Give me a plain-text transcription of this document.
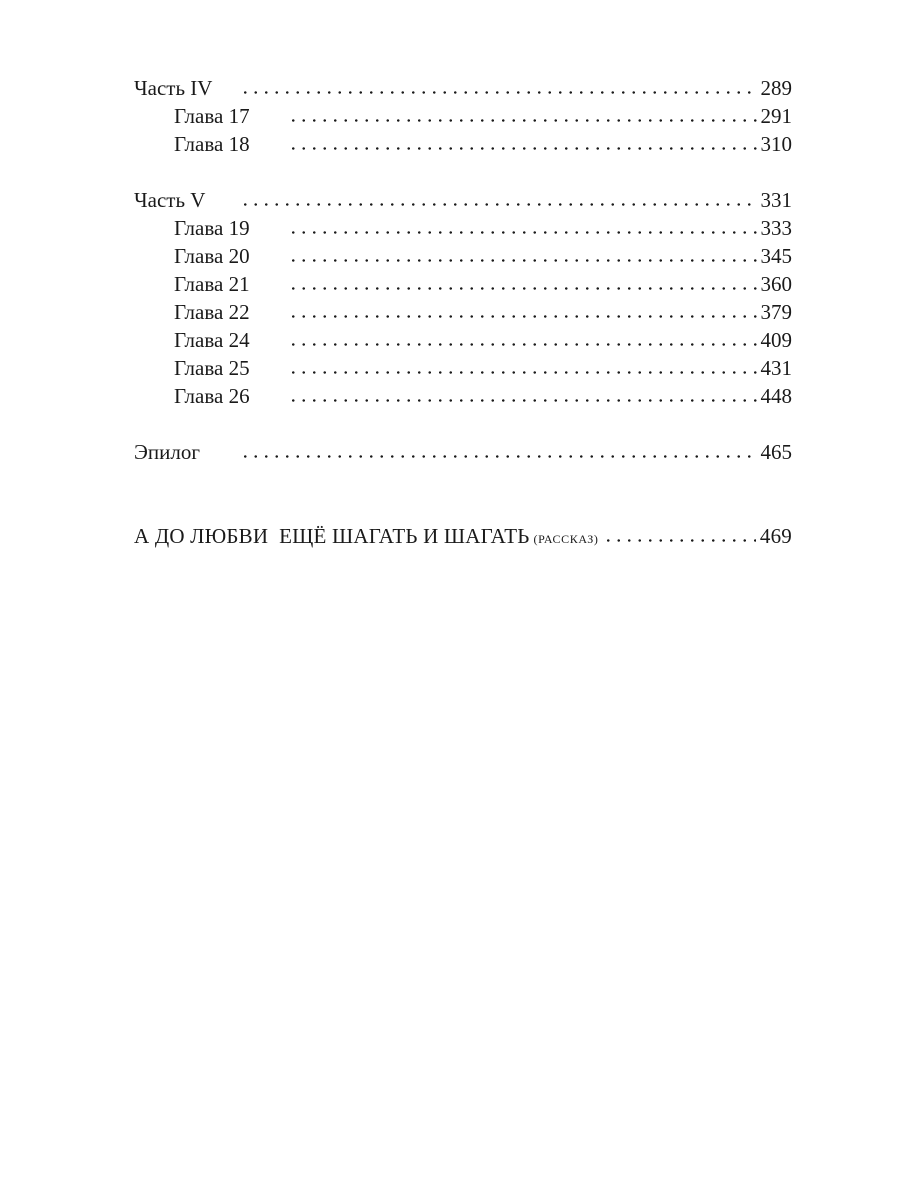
Часть IV	289
Глава 17	291
Глава 18	310
Часть V	331
Глава 19	333
Глава 20	345
Глава 21	360
Глава 22	379
Глава 24	409
Глава 25	431
Глава 26	448
Эпилог	465
А ДО ЛЮБВИ  ЕЩЁ ШАГАТЬ И ШАГАТЬ (РАССКАЗ)	469
